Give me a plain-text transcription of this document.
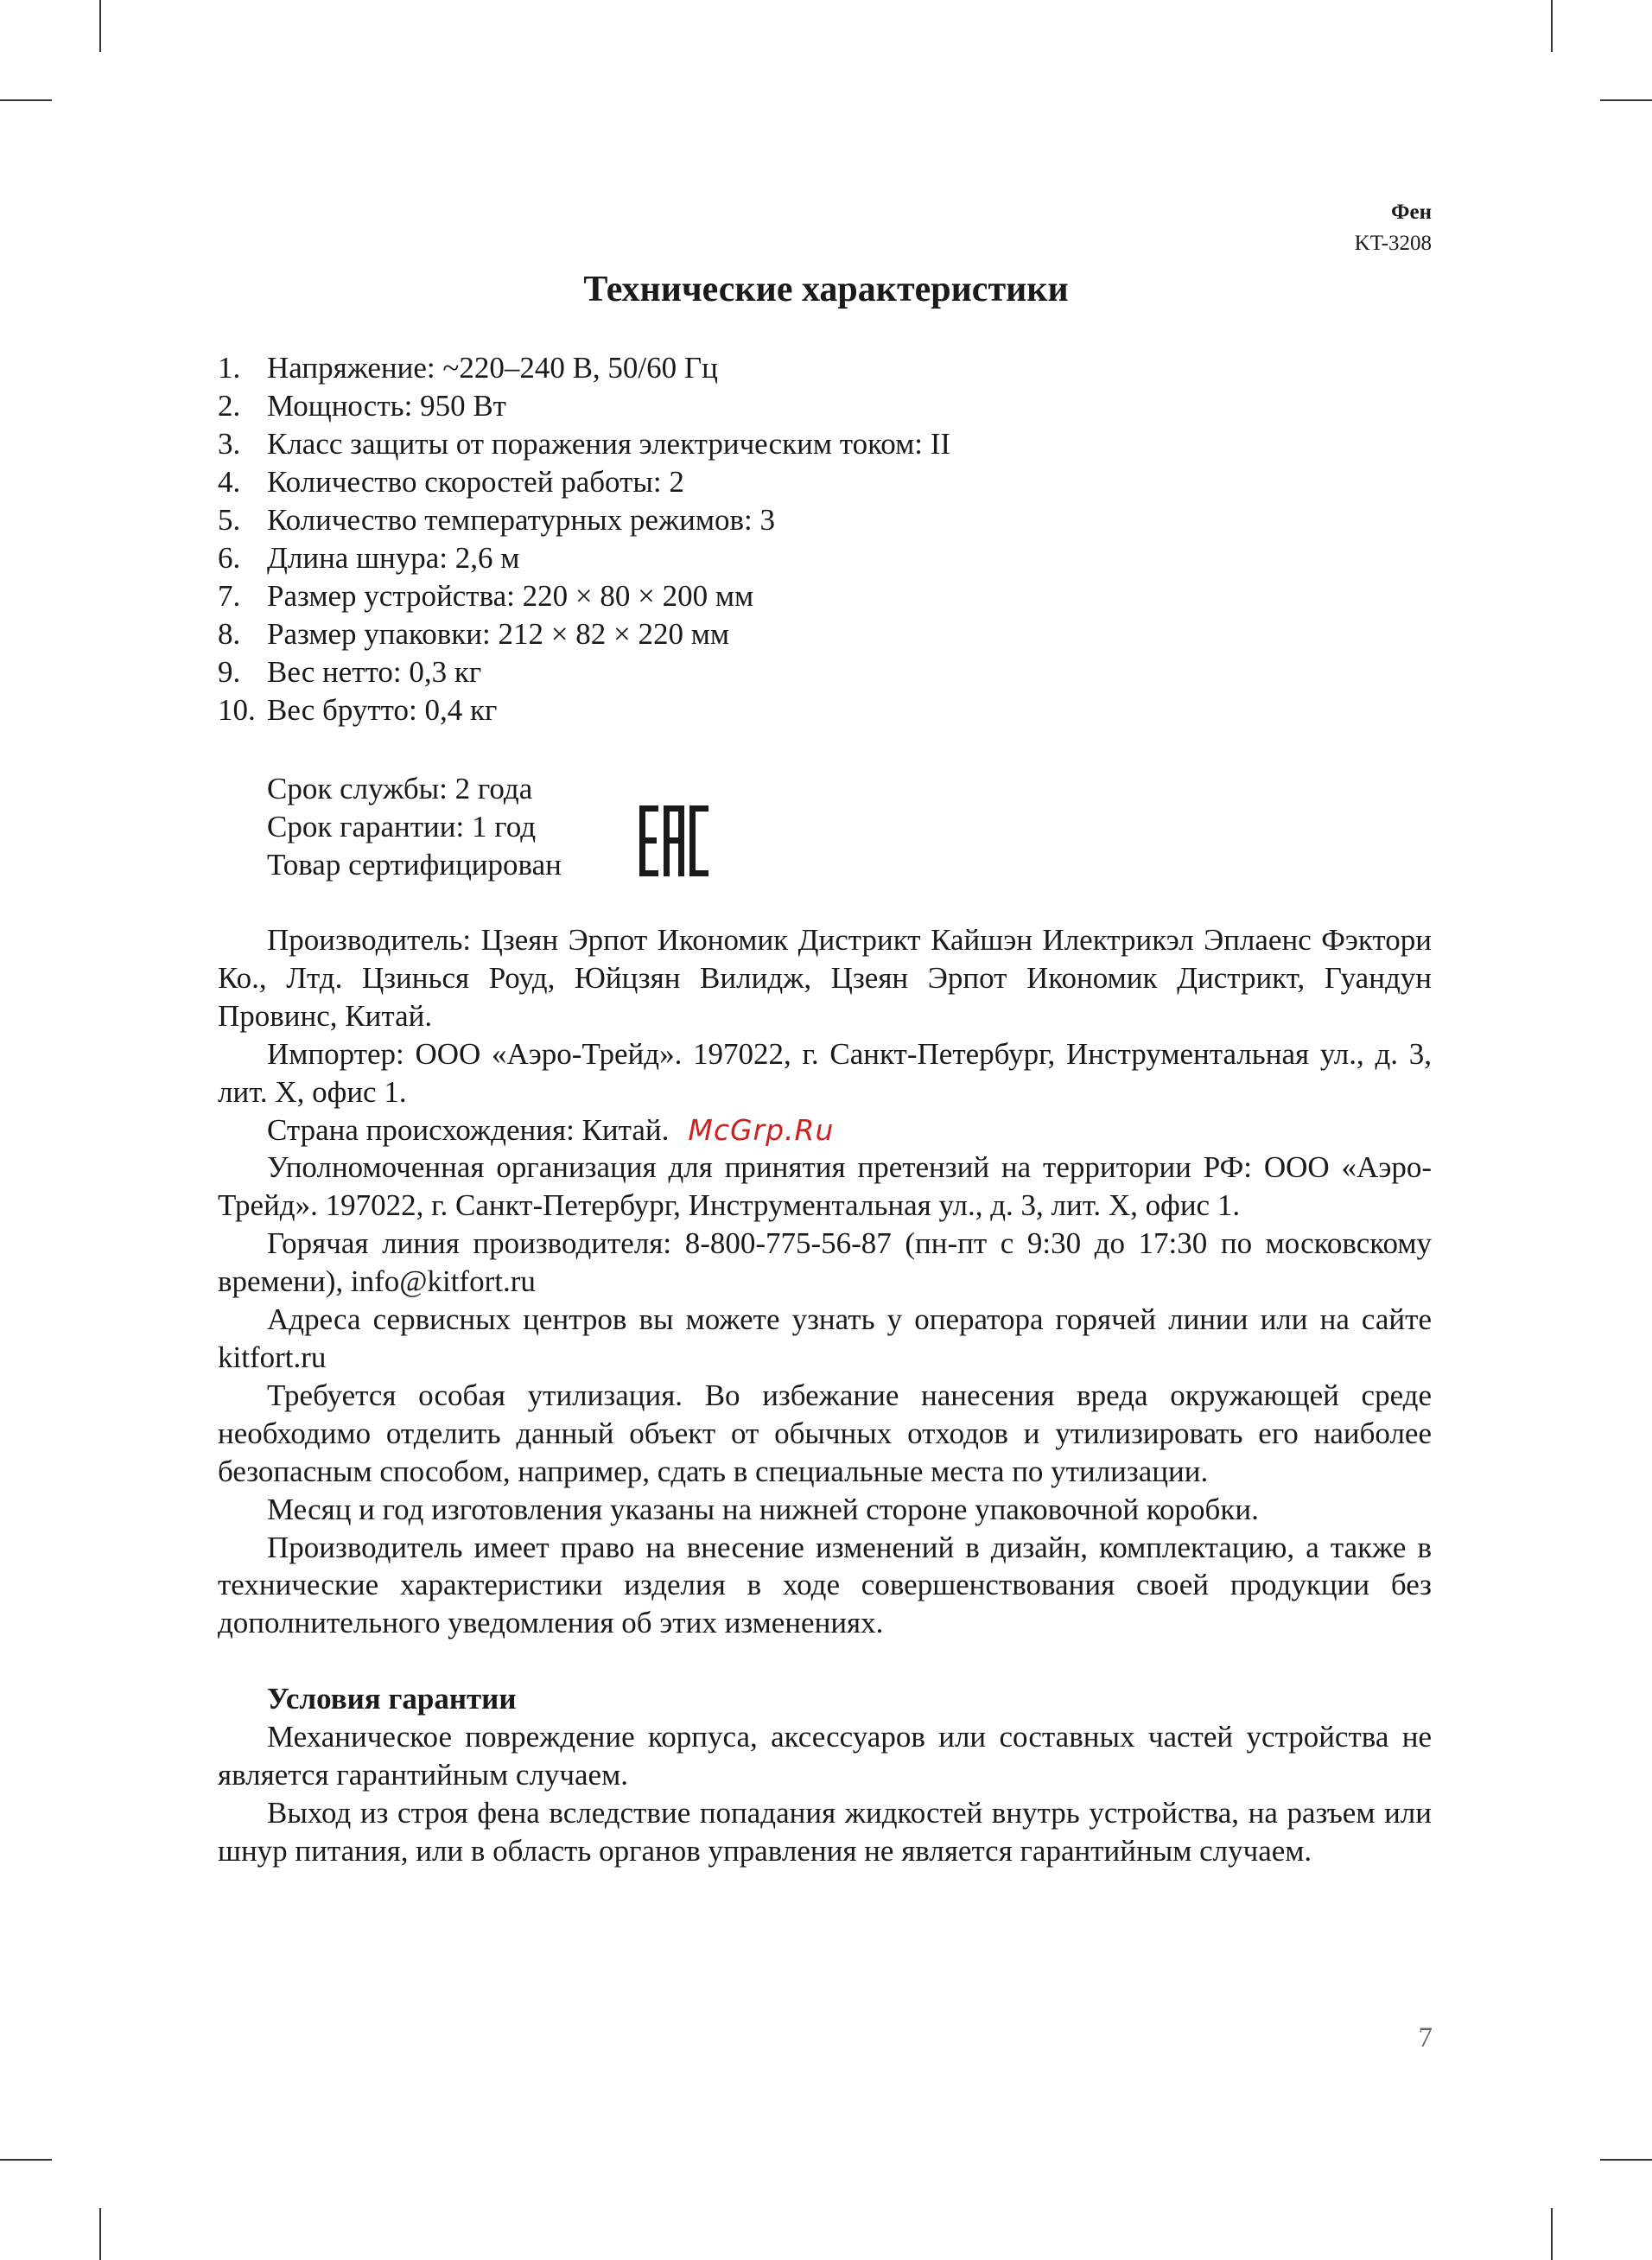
Фен
KT-3208
Технические характеристики
1. Напряжение: ~220–240 В, 50/60 Гц
2. Мощность: 950 Вт
3. Класс защиты от поражения электрическим током: II
4. Количество скоростей работы: 2
5. Количество температурных режимов: 3
6. Длина шнура: 2,6 м
7. Размер устройства: 220 × 80 × 200 мм
8. Размер упаковки: 212 × 82 × 220 мм
9. Вес нетто: 0,3 кг
10. Вес брутто: 0,4 кг
Срок службы: 2 года
Срок гарантии: 1 год
Товар сертифицирован

Производитель: Цзеян Эрпот Икономик Дистрикт Кайшэн Илектрикэл Эплаенс Фэктори Ко., Лтд. Цзинься Роуд, Юйцзян Вилидж, Цзеян Эрпот Икономик Дистрикт, Гуандун Провинс, Китай.

Импортер: ООО «Аэро-Трейд». 197022, г. Санкт-Петербург, Инструментальная ул., д. 3, лит. Х, офис 1.

Страна происхождения: Китай. McGrp.Ru

Уполномоченная организация для принятия претензий на территории РФ: ООО «Аэро-Трейд». 197022, г. Санкт-Петербург, Инструментальная ул., д. 3, лит. Х, офис 1.

Горячая линия производителя: 8-800-775-56-87 (пн-пт с 9:30 до 17:30 по московскому времени), info@kitfort.ru

Адреса сервисных центров вы можете узнать у оператора горячей линии или на сайте kitfort.ru

Требуется особая утилизация. Во избежание нанесения вреда окружающей среде необходимо отделить данный объект от обычных отходов и утилизировать его наиболее безопасным способом, например, сдать в специальные места по утилизации.

Месяц и год изготовления указаны на нижней стороне упаковочной коробки.

Производитель имеет право на внесение изменений в дизайн, комплектацию, а также в технические характеристики изделия в ходе совершенствования своей продукции без дополнительного уведомления об этих изменениях.

Условия гарантии

Механическое повреждение корпуса, аксессуаров или составных частей устройства не является гарантийным случаем.

Выход из строя фена вследствие попадания жидкостей внутрь устройства, на разъем или шнур питания, или в область органов управления не является гарантийным случаем.

7
